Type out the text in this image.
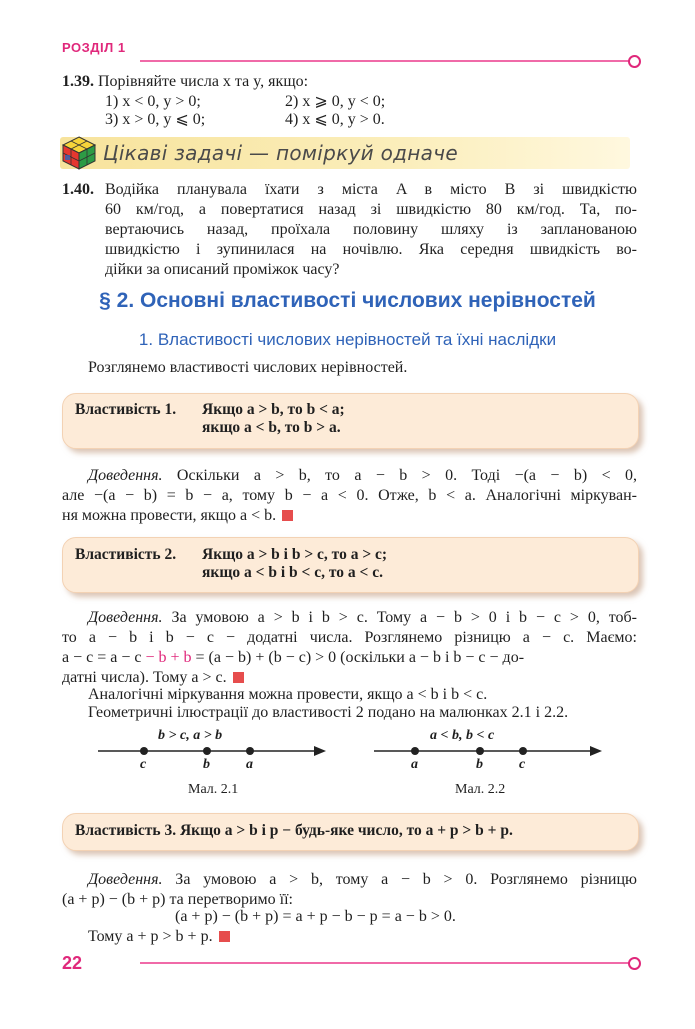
РОЗДІЛ 1
1.39. Порівняйте числа x та y, якщо:
1) x < 0, y > 0;	2) x ⩾ 0, y < 0;
3) x > 0, y ⩽ 0;	4) x ⩽ 0, y > 0.
Цікаві задачі — поміркуй одначе
1.40. Водійка планувала їхати з міста A в місто B зі швидкістю
60 км/год, а повертатися назад зі швидкістю 80 км/год. Та, по-
вертаючись назад, проїхала половину шляху із запланованою
швидкістю і зупинилася на ночівлю. Яка середня швидкість во-
дійки за описаний проміжок часу?
§ 2. Основні властивості числових нерівностей
1. Властивості числових нерівностей та їхні наслідки
Розглянемо властивості числових нерівностей.
Властивість 1. Якщо a > b, то b < a;
якщо a < b, то b > a.
Доведення. Оскільки a > b, то a − b > 0. Тоді −(a − b) < 0,
але −(a − b) = b − a, тому b − a < 0. Отже, b < a. Аналогічні міркуван-
ня можна провести, якщо a < b.
Властивість 2. Якщо a > b і b > c, то a > c;
якщо a < b і b < c, то a < c.
Доведення. За умовою a > b і b > c. Тому a − b > 0 і b − c > 0, тоб-
то a − b і b − c − додатні числа. Розглянемо різницю a − c. Маємо:
a − c = a − c − b + b = (a − b) + (b − c) > 0 (оскільки a − b і b − c − до-
датні числа). Тому a > c.
Аналогічні міркування можна провести, якщо a < b і b < c.
Геометричні ілюстрації до властивості 2 подано на малюнках 2.1 і 2.2.
b > c, a > b
c	b	a
Мал. 2.1
a < b, b < c
a	b	c
Мал. 2.2
Властивість 3. Якщо a > b і p − будь-яке число, то a + p > b + p.
Доведення. За умовою a > b, тому a − b > 0. Розглянемо різницю
(a + p) − (b + p) та перетворимо її:
(a + p) − (b + p) = a + p − b − p = a − b > 0.
Тому a + p > b + p.
22
